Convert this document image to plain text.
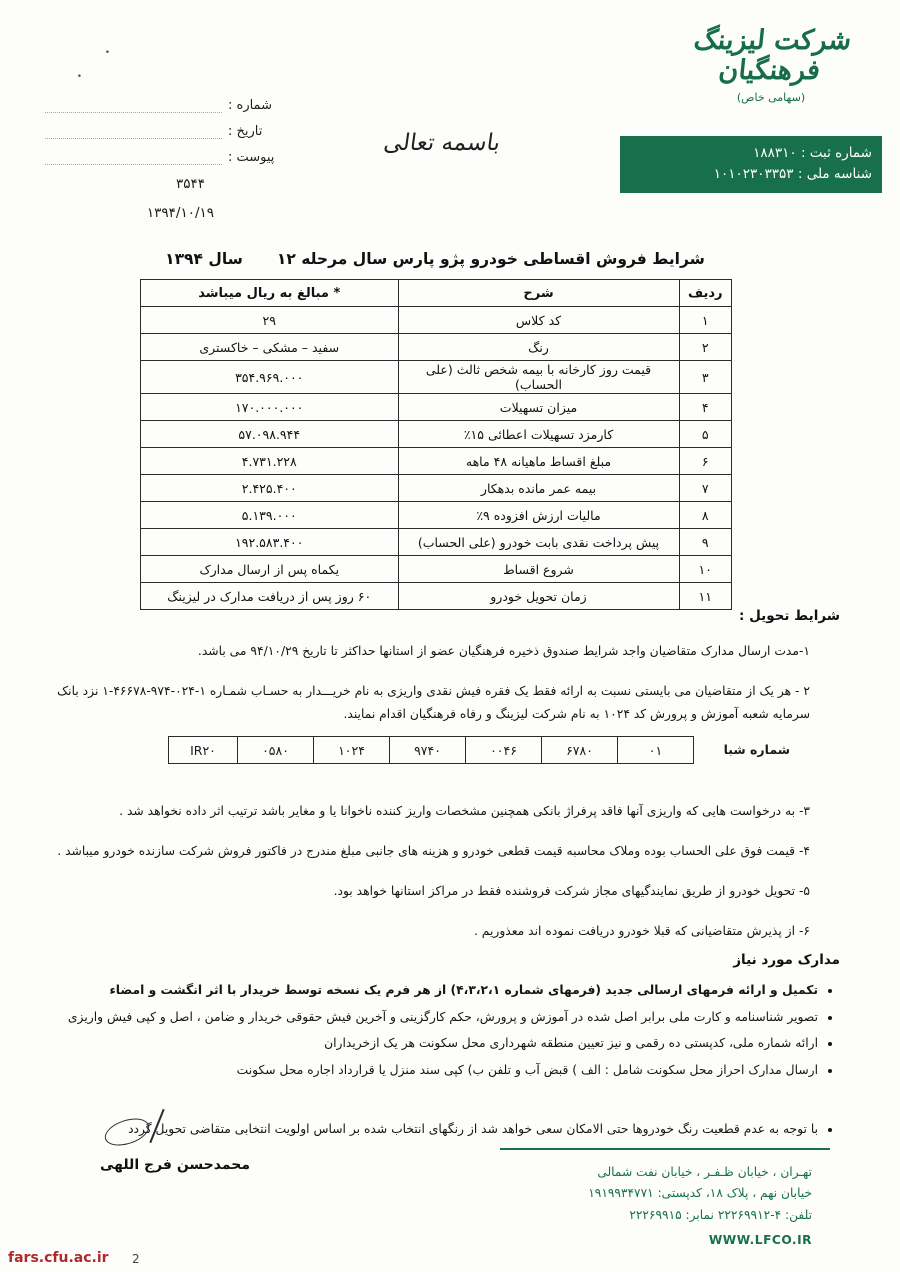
شرکت لیزینگ فرهنگیان
(سهامی خاص)
شماره ثبت : ۱۸۸۳۱۰
شناسه ملی : ۱۰۱۰۲۳۰۳۳۵۳
شماره :
تاریخ :
پیوست :
۳۵۴۴
۱۳۹۴/۱۰/۱۹
باسمه تعالی
•
•
شرایط فروش اقساطی خودرو پژو پارس سال مرحله ۱۲سال ۱۳۹۴
ردیف	شرح	* مبالغ به ریال میباشد
۱	کد کلاس	۲۹
۲	رنگ	سفید – مشکی – خاکستری
۳	قیمت روز کارخانه با بیمه شخص ثالث (علی الحساب)	۳۵۴.۹۶۹.۰۰۰
۴	میزان تسهیلات	۱۷۰.۰۰۰.۰۰۰
۵	کارمزد تسهیلات اعطائی ۱۵٪	۵۷.۰۹۸.۹۴۴
۶	مبلغ اقساط ماهیانه ۴۸ ماهه	۴.۷۳۱.۲۲۸
۷	بیمه عمر مانده بدهکار	۲.۴۲۵.۴۰۰
۸	مالیات ارزش افزوده ۹٪	۵.۱۳۹.۰۰۰
۹	پیش پرداخت نقدی بابت خودرو (علی الحساب)	۱۹۲.۵۸۳.۴۰۰
۱۰	شروع اقساط	یکماه پس از ارسال مدارک
۱۱	زمان تحویل خودرو	۶۰ روز پس از دریافت مدارک در لیزینگ
شرایط تحویل :
۱-مدت ارسال مدارک متقاضیان واجد شرایط صندوق ذخیره فرهنگیان عضو از استانها حداکثر تا تاریخ ۹۴/۱۰/۲۹ می باشد.
۲ - هر یک از متقاضیان می بایستی نسبت به ارائه فقط یک فقره فیش نقدی واریزی به نام خریـــدار به حسـاب شمـاره ۱-۰۲۴-۹۷۴-۴۶۶۷۸-۱ نزد بانک سرمایه شعبه آموزش و پرورش کد ۱۰۲۴ به نام شرکت لیزینگ و رفاه فرهنگیان اقدام نمایند.
شماره شبا
IR۲۰	۰۵۸۰	۱۰۲۴	۹۷۴۰	۰۰۴۶	۶۷۸۰	۰۱
۳- به درخواست هایی که واریزی آنها فاقد پرفراژ بانکی همچنین مشخصات واریز کننده ناخوانا یا و مغایر باشد ترتیب اثر داده نخواهد شد .
۴- قیمت فوق علی الحساب بوده وملاک محاسبه قیمت قطعی خودرو و هزینه های جانبی مبلغ مندرج در فاکتور فروش شرکت سازنده خودرو میباشد .
۵- تحویل خودرو از طریق نمایندگیهای مجاز شرکت فروشنده فقط در مراکز استانها خواهد بود.
۶- از پذیرش متقاضیانی که قبلا خودرو دریافت نموده اند معذوریم .
مدارک مورد نیاز
• تکمیل و ارائه فرمهای ارسالی جدید (فرمهای شماره ۴،۳،۲،۱) از هر فرم یک نسخه توسط خریدار با اثر انگشت و امضاء
• تصویر شناسنامه و کارت ملی برابر اصل شده در آموزش و پرورش، حکم کارگزینی و آخرین فیش حقوقی خریدار و ضامن ، اصل و کپی فیش واریزی
• ارائه شماره ملی، کدپستی ده رقمی و نیز تعیین منطقه شهرداری محل سکونت هر یک ازخریداران
• ارسال مدارک احراز محل سکونت شامل : الف ) قبض آب و تلفن ب) کپی سند منزل یا قرارداد اجاره محل سکونت
• با توجه به عدم قطعیت رنگ خودروها حتی الامکان سعی خواهد شد از رنگهای انتخاب شده بر اساس اولویت انتخابی متقاضی تحویل گردد
محمدحسن فرج اللهی	تهـران ، خیابان ظـفـر ، خیابان نفت شمالی
خیابان نهم ، پلاک ۱۸، کدپستی: ۱۹۱۹۹۳۴۷۷۱
تلفن: ۴-۲۲۲۶۹۹۱۲ نمابر: ۲۲۲۶۹۹۱۵
WWW.LFCO.IR
fars.cfu.ac.ir 2
